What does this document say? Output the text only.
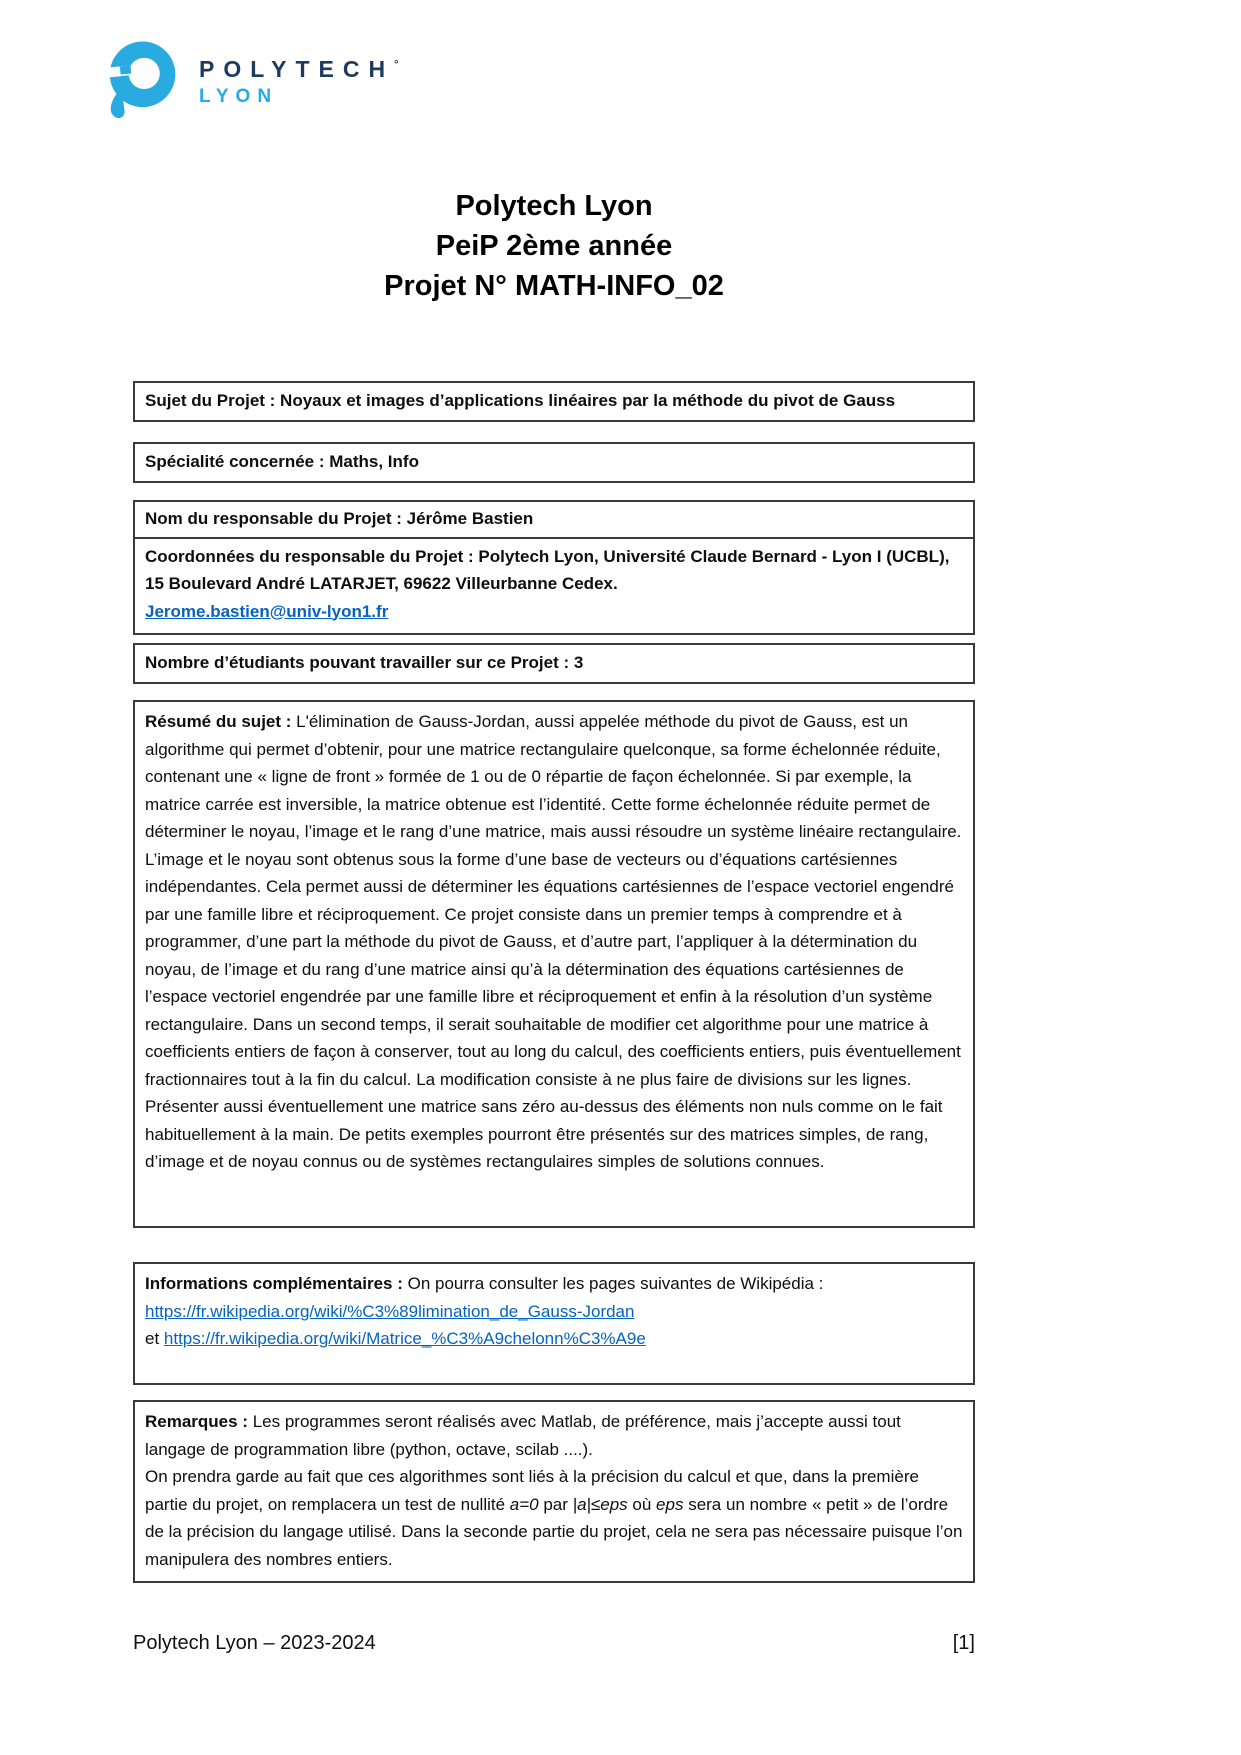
POLYTECH°
LYON
Polytech Lyon
PeiP 2ème année
Projet N° MATH-INFO_02
Sujet du Projet : Noyaux et images d’applications linéaires par la méthode du pivot de Gauss
Spécialité concernée : Maths, Info
Nom du responsable du Projet : Jérôme Bastien
Coordonnées du responsable du Projet : Polytech Lyon, Université Claude Bernard - Lyon I (UCBL), 15 Boulevard André LATARJET, 69622 Villeurbanne Cedex.
Jerome.bastien@univ-lyon1.fr
Nombre d’étudiants pouvant travailler sur ce Projet : 3
Résumé du sujet : L'élimination de Gauss-Jordan, aussi appelée méthode du pivot de Gauss, est un algorithme qui permet d’obtenir, pour une matrice rectangulaire quelconque, sa forme échelonnée réduite, contenant une « ligne de front » formée de 1 ou de 0 répartie de façon échelonnée. Si par exemple, la matrice carrée est inversible, la matrice obtenue est l’identité. Cette forme échelonnée réduite permet de déterminer le noyau, l’image et le rang d’une matrice, mais aussi résoudre un système linéaire rectangulaire. L’image et le noyau sont obtenus sous la forme d’une base de vecteurs ou d’équations cartésiennes indépendantes. Cela permet aussi de déterminer les équations cartésiennes de l’espace vectoriel engendré par une famille libre et réciproquement. Ce projet consiste dans un premier temps à comprendre et à programmer, d’une part la méthode du pivot de Gauss, et d’autre part, l’appliquer à la détermination du noyau, de l’image et du rang d’une matrice ainsi qu’à la détermination des équations cartésiennes de l’espace vectoriel engendrée par une famille libre et réciproquement et enfin à la résolution d’un système rectangulaire. Dans un second temps, il serait souhaitable de modifier cet algorithme pour une matrice à coefficients entiers de façon à conserver, tout au long du calcul, des coefficients entiers, puis éventuellement fractionnaires tout à la fin du calcul. La modification consiste à ne plus faire de divisions sur les lignes. Présenter aussi éventuellement une matrice sans zéro au-dessus des éléments non nuls comme on le fait habituellement à la main. De petits exemples pourront être présentés sur des matrices simples, de rang, d’image et de noyau connus ou de systèmes rectangulaires simples de solutions connues.
Informations complémentaires : On pourra consulter les pages suivantes de Wikipédia :
https://fr.wikipedia.org/wiki/%C3%89limination_de_Gauss-Jordan
et https://fr.wikipedia.org/wiki/Matrice_%C3%A9chelonn%C3%A9e
Remarques : Les programmes seront réalisés avec Matlab, de préférence, mais j’accepte aussi tout langage de programmation libre (python, octave, scilab ....).
On prendra garde au fait que ces algorithmes sont liés à la précision du calcul et que, dans la première partie du projet, on remplacera un test de nullité a=0 par |a|≤eps où eps sera un nombre « petit » de l’ordre de la précision du langage utilisé. Dans la seconde partie du projet, cela ne sera pas nécessaire puisque l’on manipulera des nombres entiers.
Polytech Lyon – 2023-2024	[1]
